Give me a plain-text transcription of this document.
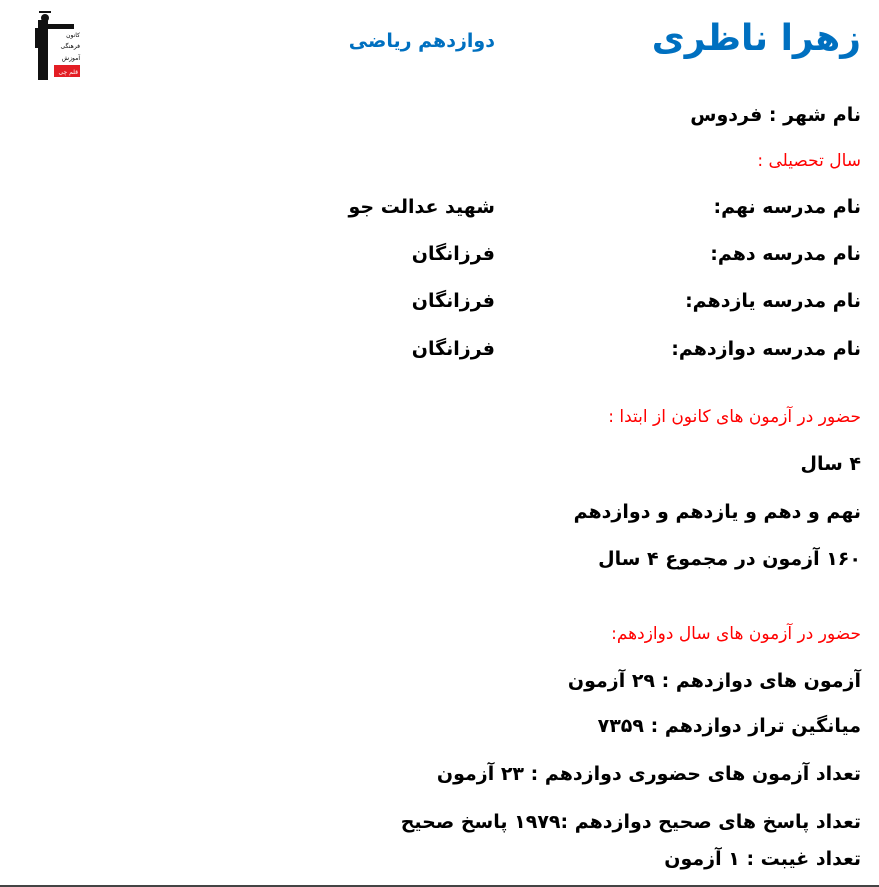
کانون
فرهنگی
آموزش
قلم چی
زهرا ناظری
دوازدهم ریاضی
نام شهر : فردوس
سال تحصیلی :
نام مدرسه نهم:
شهید عدالت جو
نام مدرسه دهم:
فرزانگان
نام مدرسه یازدهم:
فرزانگان
نام مدرسه دوازدهم:
فرزانگان
حضور در آزمون های کانون از ابتدا :
۴ سال
نهم و دهم و یازدهم و دوازدهم
۱۶۰ آزمون در مجموع ۴ سال
حضور در آزمون های سال دوازدهم:
آزمون های دوازدهم : ۲۹ آزمون
میانگین تراز دوازدهم : ۷۳۵۹
تعداد آزمون های حضوری دوازدهم : ۲۳ آزمون
تعداد پاسخ های صحیح دوازدهم :۱۹۷۹ پاسخ صحیح
تعداد غیبت : ۱ آزمون
